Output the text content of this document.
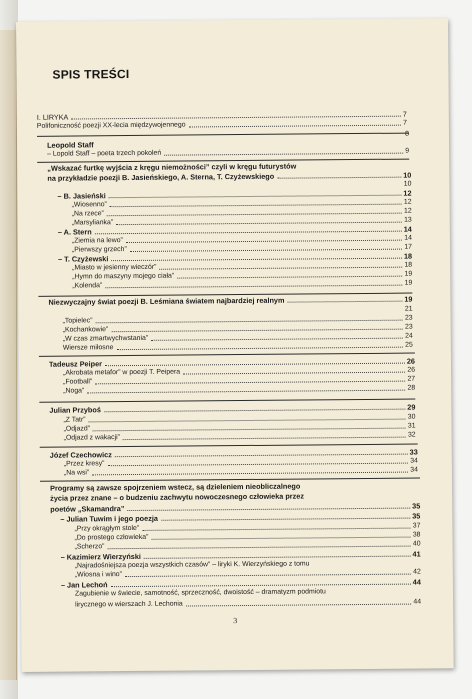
SPIS TREŚCI
I. LIRYKA	7
Polifoniczność poezji XX-lecia międzywojennego	7
8
Leopold Staff
– Lopold Staff – poeta trzech pokoleń	9
„Wskazać furtkę wyjścia z kręgu niemożności” czyli w kręgu futurystów
na przykładzie poezji B. Jasieńskiego, A. Sterna, T. Czyżewskiego	10
10
– B. Jasieński	12
„Wiosenno”	12
„Na rzece”	12
„Marsylianka”	13
– A. Stern	14
„Ziemia na lewo”	14
„Pierwszy grzech”	17
– T. Czyżewski	18
„Miasto w jesienny wieczór”	18
„Hymn do maszyny mojego ciała”	19
„Kolenda”	19
Niezwyczajny świat poezji B. Leśmiana światem najbardziej realnym	19
21
„Topielec”	23
„Kochankowie”	23
„W czas zmartwychwstania”	24
Wiersze miłosne	25
Tadeusz Peiper	26
„Akrobata metafor” w poezji T. Peipera	26
„Football”	27
„Noga”	28
Julian Przyboś	29
„Z Tatr”	30
„Odjazd”	31
„Odjazd z wakacji”	32
Józef Czechowicz	33
„Przez kresy”	34
„Na wsi”	34
Programy są zawsze spojrzeniem wstecz, są dzieleniem nieobliczalnego
życia przez znane – o budzeniu zachwytu nowoczesnego człowieka przez
poetów „Skamandra”	35
– Julian Tuwim i jego poezja	35
„Przy okrągłym stole”	37
„Do prostego człowieka”	38
„Scherzo”	40
– Kazimierz Wierzyński	41
„Najradośniejsza poezja wszystkich czasów” – liryki K. Wierzyńskiego z tomu
„Wiosna i wino”	42
– Jan Lechoń	44
Zagubienie w świecie, samotność, sprzeczność, dwoistość – dramatyzm podmiotu
lirycznego w wierszach J. Lechonia	44
3
